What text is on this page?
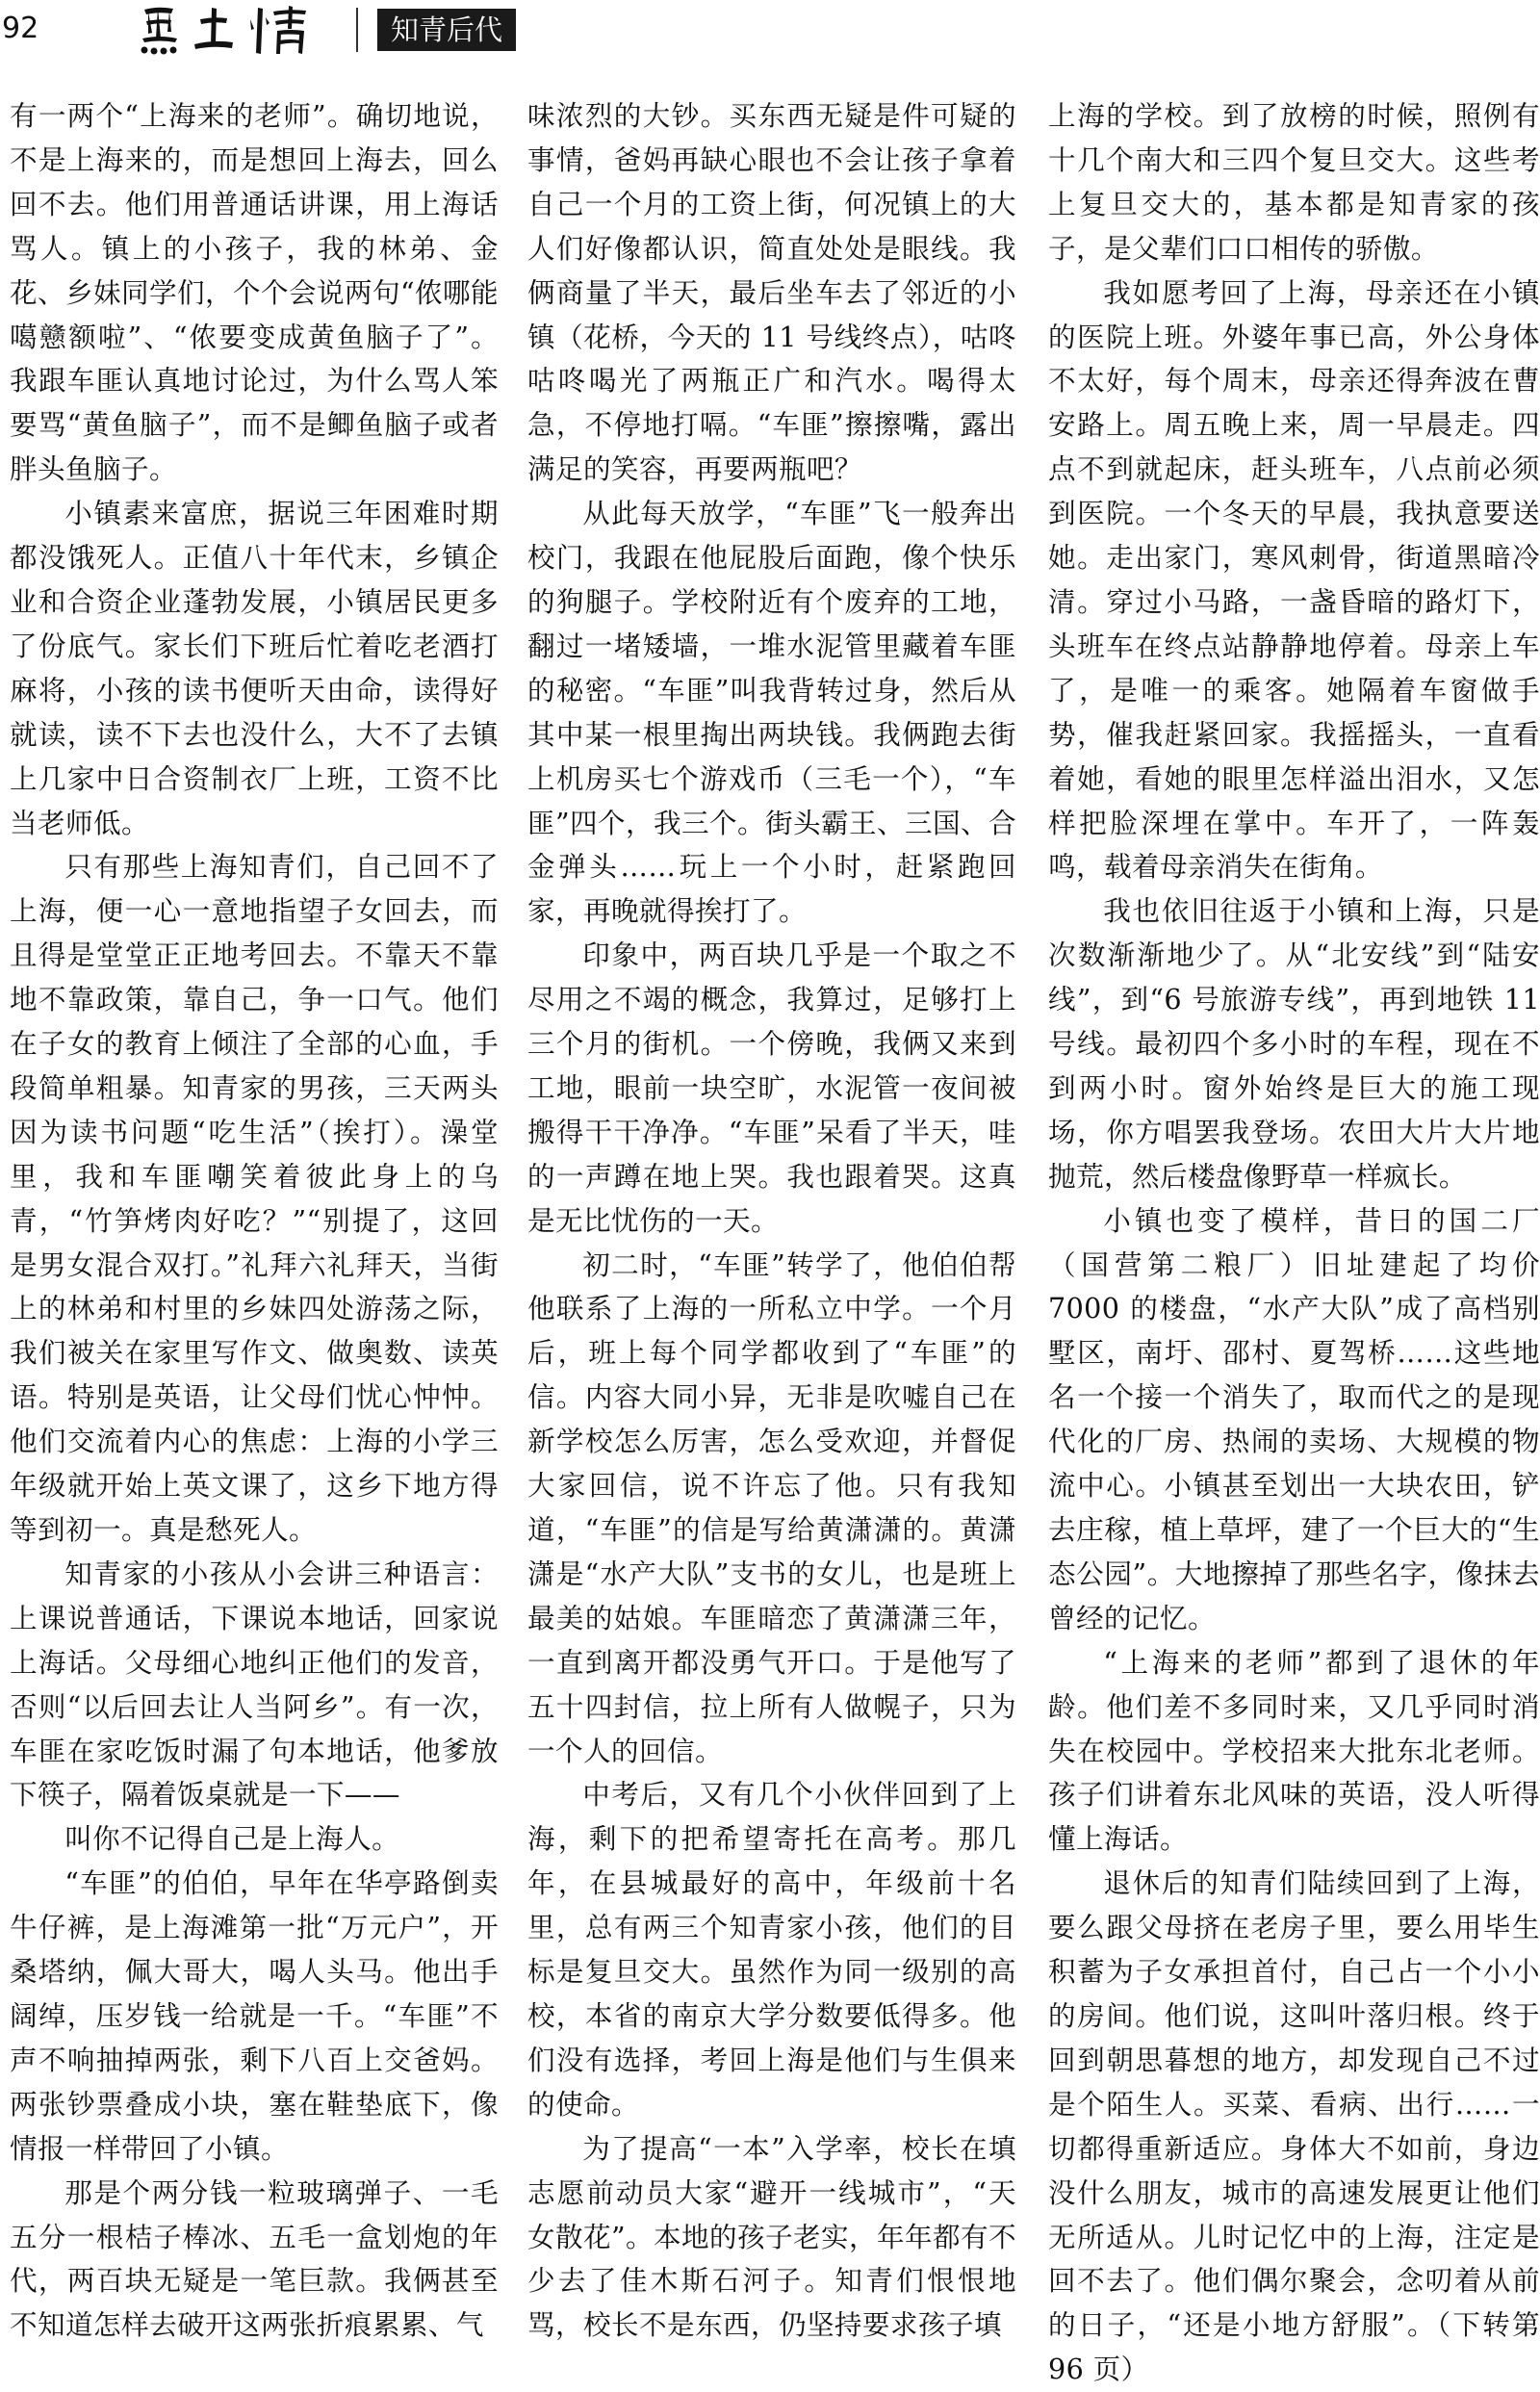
92	知青后代

有一两个“上海来的老师”。确切地说，不是上海来的，而是想回上海去，回么回不去。他们用普通话讲课，用上海话骂人。镇上的小孩子，我的林弟、金花、乡妹同学们，个个会说两句“侬哪能噶戆额啦”、“侬要变成黄鱼脑子了”。我跟车匪认真地讨论过，为什么骂人笨要骂“黄鱼脑子”，而不是鲫鱼脑子或者胖头鱼脑子。

小镇素来富庶，据说三年困难时期都没饿死人。正值八十年代末，乡镇企业和合资企业蓬勃发展，小镇居民更多了份底气。家长们下班后忙着吃老酒打麻将，小孩的读书便听天由命，读得好就读，读不下去也没什么，大不了去镇上几家中日合资制衣厂上班，工资不比当老师低。

只有那些上海知青们，自己回不了上海，便一心一意地指望子女回去，而且得是堂堂正正地考回去。不靠天不靠地不靠政策，靠自己，争一口气。他们在子女的教育上倾注了全部的心血，手段简单粗暴。知青家的男孩，三天两头因为读书问题“吃生活”（挨打）。澡堂里，我和车匪嘲笑着彼此身上的乌青，“竹笋烤肉好吃？”“别提了，这回是男女混合双打。”礼拜六礼拜天，当街上的林弟和村里的乡妹四处游荡之际，我们被关在家里写作文、做奥数、读英语。特别是英语，让父母们忧心忡忡。他们交流着内心的焦虑：上海的小学三年级就开始上英文课了，这乡下地方得等到初一。真是愁死人。

知青家的小孩从小会讲三种语言：上课说普通话，下课说本地话，回家说上海话。父母细心地纠正他们的发音，否则“以后回去让人当阿乡”。有一次，车匪在家吃饭时漏了句本地话，他爹放下筷子，隔着饭桌就是一下——

叫你不记得自己是上海人。

“车匪”的伯伯，早年在华亭路倒卖牛仔裤，是上海滩第一批“万元户”，开桑塔纳，佩大哥大，喝人头马。他出手阔绰，压岁钱一给就是一千。“车匪”不声不响抽掉两张，剩下八百上交爸妈。两张钞票叠成小块，塞在鞋垫底下，像情报一样带回了小镇。

那是个两分钱一粒玻璃弹子、一毛五分一根桔子棒冰、五毛一盒划炮的年代，两百块无疑是一笔巨款。我俩甚至不知道怎样去破开这两张折痕累累、气

味浓烈的大钞。买东西无疑是件可疑的事情，爸妈再缺心眼也不会让孩子拿着自己一个月的工资上街，何况镇上的大人们好像都认识，简直处处是眼线。我俩商量了半天，最后坐车去了邻近的小镇（花桥，今天的 11 号线终点），咕咚咕咚喝光了两瓶正广和汽水。喝得太急，不停地打嗝。“车匪”擦擦嘴，露出满足的笑容，再要两瓶吧？

从此每天放学，“车匪”飞一般奔出校门，我跟在他屁股后面跑，像个快乐的狗腿子。学校附近有个废弃的工地，翻过一堵矮墙，一堆水泥管里藏着车匪的秘密。“车匪”叫我背转过身，然后从其中某一根里掏出两块钱。我俩跑去街上机房买七个游戏币（三毛一个），“车匪”四个，我三个。街头霸王、三国、合金弹头……玩上一个小时，赶紧跑回家，再晚就得挨打了。

印象中，两百块几乎是一个取之不尽用之不竭的概念，我算过，足够打上三个月的街机。一个傍晚，我俩又来到工地，眼前一块空旷，水泥管一夜间被搬得干干净净。“车匪”呆看了半天，哇的一声蹲在地上哭。我也跟着哭。这真是无比忧伤的一天。

初二时，“车匪”转学了，他伯伯帮他联系了上海的一所私立中学。一个月后，班上每个同学都收到了“车匪”的信。内容大同小异，无非是吹嘘自己在新学校怎么厉害，怎么受欢迎，并督促大家回信，说不许忘了他。只有我知道，“车匪”的信是写给黄潇潇的。黄潇潇是“水产大队”支书的女儿，也是班上最美的姑娘。车匪暗恋了黄潇潇三年，一直到离开都没勇气开口。于是他写了五十四封信，拉上所有人做幌子，只为一个人的回信。

中考后，又有几个小伙伴回到了上海，剩下的把希望寄托在高考。那几年，在县城最好的高中，年级前十名里，总有两三个知青家小孩，他们的目标是复旦交大。虽然作为同一级别的高校，本省的南京大学分数要低得多。他们没有选择，考回上海是他们与生俱来的使命。

为了提高“一本”入学率，校长在填志愿前动员大家“避开一线城市”，“天女散花”。本地的孩子老实，年年都有不少去了佳木斯石河子。知青们恨恨地骂，校长不是东西，仍坚持要求孩子填

上海的学校。到了放榜的时候，照例有十几个南大和三四个复旦交大。这些考上复旦交大的，基本都是知青家的孩子，是父辈们口口相传的骄傲。

我如愿考回了上海，母亲还在小镇的医院上班。外婆年事已高，外公身体不太好，每个周末，母亲还得奔波在曹安路上。周五晚上来，周一早晨走。四点不到就起床，赶头班车，八点前必须到医院。一个冬天的早晨，我执意要送她。走出家门，寒风刺骨，街道黑暗冷清。穿过小马路，一盏昏暗的路灯下，头班车在终点站静静地停着。母亲上车了，是唯一的乘客。她隔着车窗做手势，催我赶紧回家。我摇摇头，一直看着她，看她的眼里怎样溢出泪水，又怎样把脸深埋在掌中。车开了，一阵轰鸣，载着母亲消失在街角。

我也依旧往返于小镇和上海，只是次数渐渐地少了。从“北安线”到“陆安线”，到“6 号旅游专线”，再到地铁 11 号线。最初四个多小时的车程，现在不到两小时。窗外始终是巨大的施工现场，你方唱罢我登场。农田大片大片地抛荒，然后楼盘像野草一样疯长。

小镇也变了模样，昔日的国二厂（国营第二粮厂）旧址建起了均价 7000 的楼盘，“水产大队”成了高档别墅区，南圩、邵村、夏驾桥……这些地名一个接一个消失了，取而代之的是现代化的厂房、热闹的卖场、大规模的物流中心。小镇甚至划出一大块农田，铲去庄稼，植上草坪，建了一个巨大的“生态公园”。大地擦掉了那些名字，像抹去曾经的记忆。

“上海来的老师”都到了退休的年龄。他们差不多同时来，又几乎同时消失在校园中。学校招来大批东北老师。孩子们讲着东北风味的英语，没人听得懂上海话。

退休后的知青们陆续回到了上海，要么跟父母挤在老房子里，要么用毕生积蓄为子女承担首付，自己占一个小小的房间。他们说，这叫叶落归根。终于回到朝思暮想的地方，却发现自己不过是个陌生人。买菜、看病、出行……一切都得重新适应。身体大不如前，身边没什么朋友，城市的高速发展更让他们无所适从。儿时记忆中的上海，注定是回不去了。他们偶尔聚会，念叨着从前的日子，“还是小地方舒服”。（下转第 96 页）
